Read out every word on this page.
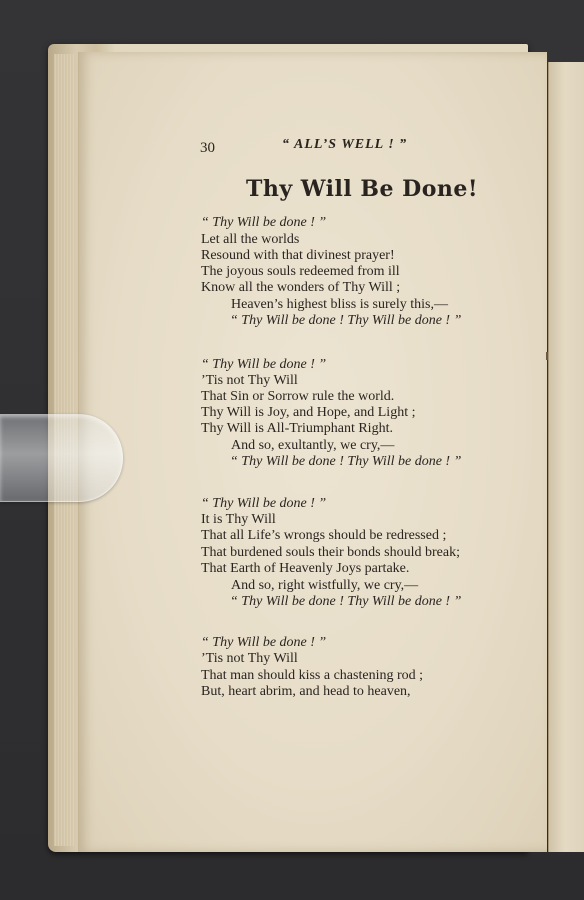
30	“ ALL’S WELL ! ”
Thy Will Be Done!
“ Thy Will be done ! ”
Let all the worlds
Resound with that divinest prayer!
The joyous souls redeemed from ill
Know all the wonders of Thy Will ;
Heaven’s highest bliss is surely this,—
“ Thy Will be done ! Thy Will be done ! ”
“ Thy Will be done ! ”
’Tis not Thy Will
That Sin or Sorrow rule the world.
Thy Will is Joy, and Hope, and Light ;
Thy Will is All-Triumphant Right.
And so, exultantly, we cry,—
“ Thy Will be done ! Thy Will be done ! ”
“ Thy Will be done ! ”
It is Thy Will
That all Life’s wrongs should be redressed ;
That burdened souls their bonds should break;
That Earth of Heavenly Joys partake.
And so, right wistfully, we cry,—
“ Thy Will be done ! Thy Will be done ! ”
“ Thy Will be done ! ”
’Tis not Thy Will
That man should kiss a chastening rod ;
But, heart abrim, and head to heaven,
